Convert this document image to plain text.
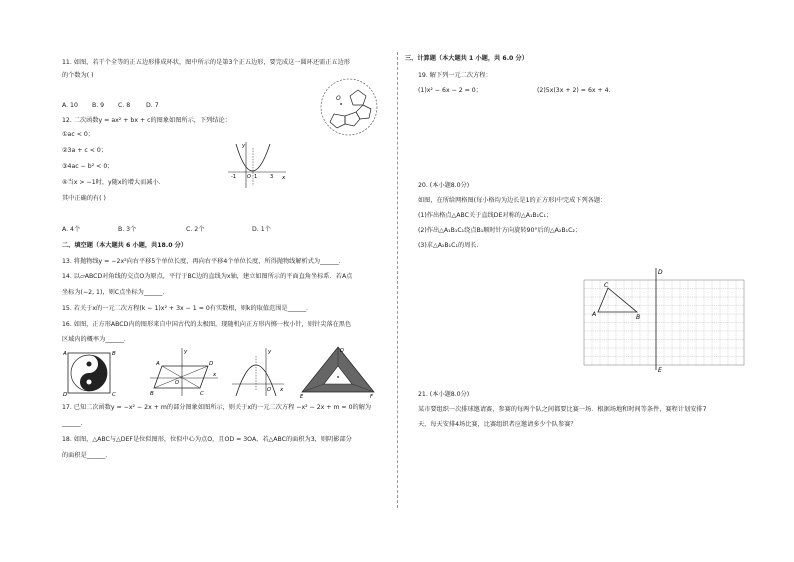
11. 如图，若干个全等的正五边形排成环状，图中所示的是第3个正五边形，要完成这一圆环还需正五边形
的个数为( )
O
A. 10 B. 9 C. 8	D. 7
12. 二次函数y = ax² + bx + c的图象如图所示，下列结论：
①ac < 0；
②3a + c < 0；
③4ac − b² < 0；
④当x > −1时，y随x的增大而减小．
其中正确的有( )
y
x
O
-1	1	3
A. 4个	B. 3个	C. 2个	D. 1个
二、填空题（本大题共 6 小题，共18.0 分）
13. 将抛物线y = −2x²向右平移5个单位长度，再向右平移4个单位长度，所得抛物线解析式为______．
14. 以▱ABCD对角线的交点O为原点，平行于BC边的直线为x轴，建立如图所示的平面直角坐标系．若A点
坐标为(−2, 1)，则C点坐标为______．
15. 若关于x的一元二次方程(k − 1)x² + 3x − 1 = 0有实数根，则k的取值范围是______．
16. 如图，正方形ABCD内的图形来自中国古代的太极图，现随机向正方形内掷一枚小针，则针尖落在黑色
区域内的概率为______．
A	B
C
D
A	D
C
B
O
y
x
y
x
O
D
E	F
17. 已知二次函数y = −x² − 2x + m的部分图象如图所示，则关于x的一元二次方程 −x² − 2x + m = 0的解为
______．
18. 如图，△ABC与△DEF是位似图形，位似中心为点O，且OD = 3OA，若△ABC的面积为3，则阴影部分
的面积是______．
三、计算题（本大题共 1 小题，共 6.0 分）
19. 解下列一元二次方程：
(1)x² − 6x − 2 = 0；	(2)5x(3x + 2) = 6x + 4．
20. (本小题8.0分)
如图，在所给网格图(每小格均为边长是1的正方形)中完成下列各题：
(1)作出格点△ABC关于直线DE对称的△A₁B₁C₁；
(2)作出△A₁B₁C₁绕点B₁顺时针方向旋转90°后的△A₂B₁C₂；
(3)求△A₂B₁C₁的周长．
C
A	B
D
E
21. (本小题8.0分)
某市要组织一次排球邀请赛，参赛的每两个队之间都要比赛一场．根据场地和时间等条件，赛程计划安排7
天，每天安排4场比赛，比赛组织者应邀请多少个队参赛？
